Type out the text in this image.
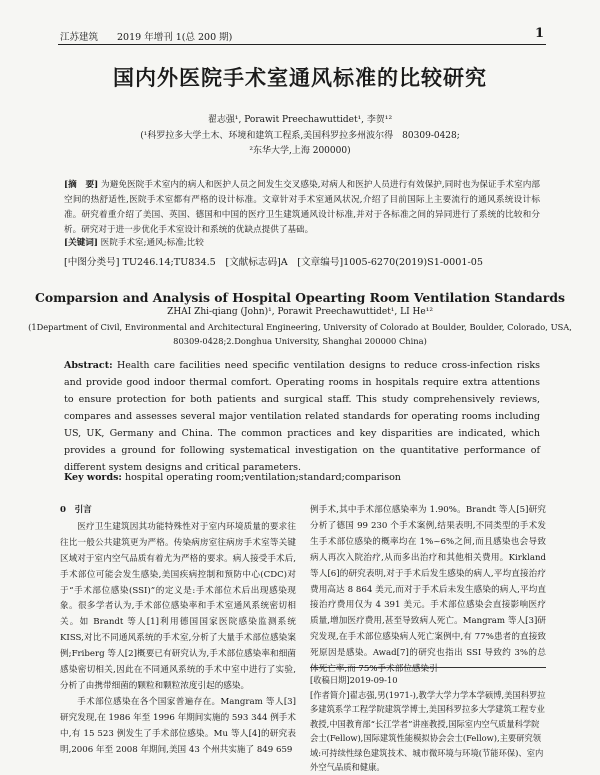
江苏建筑　　2019 年增刊 1(总 200 期)	1
国内外医院手术室通风标准的比较研究
翟志强¹, Porawit Preechawuttidet¹, 李贺¹²
(¹科罗拉多大学土木、环境和建筑工程系,美国科罗拉多州波尔得　80309-0428;
²东华大学,上海 200000)
[摘　要] 为避免医院手术室内的病人和医护人员之间发生交叉感染,对病人和医护人员进行有效保护,同时也为保证手术室内部空间的热舒适性,医院手术室都有严格的设计标准。文章针对手术室通风状况,介绍了目前国际上主要流行的通风系统设计标准。研究着重介绍了美国、英国、德国和中国的医疗卫生建筑通风设计标准,并对于各标准之间的异同进行了系统的比较和分析。研究对于进一步优化手术室设计和系统的优缺点提供了基础。
[关键词] 医院手术室;通风;标准;比较
[中图分类号] TU246.14;TU834.5　[文献标志码]A　[文章编号]1005-6270(2019)S1-0001-05
Comparsion and Analysis of Hospital Opearting Room Ventilation Standards
ZHAI Zhi-qiang (John)¹, Porawit Preechawuttidet¹, LI He¹²
(1Department of Civil, Environmental and Architectural Engineering, University of Colorado at Boulder, Boulder, Colorado, USA,
80309-0428;2.Donghua University, Shanghai 200000 China)
Abstract: Health care facilities need specific ventilation designs to reduce cross-infection risks and provide good indoor thermal comfort. Operating rooms in hospitals require extra attentions to ensure protection for both patients and surgical staff. This study comprehensively reviews, compares and assesses several major ventilation related standards for operating rooms including US, UK, Germany and China. The common practices and key disparities are indicated, which provides a ground for following systematical investigation on the quantitative performance of different system designs and critical parameters.
Key words: hospital operating room;ventilation;standard;comparison

0　引言

医疗卫生建筑因其功能特殊性对于室内环境质量的要求往往比一般公共建筑更为严格。传染病房室往病房手术室等关键区域对于室内空气品质有着尤为严格的要求。病人接受手术后,手术部位可能会发生感染,美国疾病控制和预防中心(CDC)对于“手术部位感染(SSI)”的定义是:手术部位术后出现感染现象。很多学者认为,手术部位感染率和手术室通风系统密切相关。如 Brandt 等人[1]利用德国国家医院感染监测系统 KISS,对比不同通风系统的手术室,分析了大量手术部位感染案例;Friberg 等人[2]概要已有研究认为,手术部位感染率和细菌感染密切相关,因此在不同通风系统的手术中室中进行了实验,分析了由携带细菌的颗粒和颗粒浓度引起的感染。

手术部位感染在各个国家普遍存在。Mangram 等人[3]研究发现,在 1986 年至 1996 年期间实施的 593 344 例手术中,有 15 523 例发生了手术部位感染。Mu 等人[4]的研究表明,2006 年至 2008 年期间,美国 43 个州共实施了 849 659

例手术,其中手术部位感染率为 1.90%。Brandt 等人[5]研究分析了德国 99 230 个手术案例,结果表明,不同类型的手术发生手术部位感染的概率均在 1%~6%之间,而且感染也会导致病人再次入院治疗,从而多出治疗和其他相关费用。Kirkland 等人[6]的研究表明,对于手术后发生感染的病人,平均直接治疗费用高达 8 864 美元,而对于手术后未发生感染的病人,平均直接治疗费用仅为 4 391 美元。手术部位感染会直接影响医疗质量,增加医疗费用,甚至导致病人死亡。Mangram 等人[3]研究发现,在手术部位感染病人死亡案例中,有 77%患者的直接致死原因是感染。Awad[7]的研究也指出 SSI 导致约 3%的总体死亡率,而 75%手术部位感染引

[收稿日期]2019-09-10
[作者简介]翟志强,男(1971-),教学大学力学本学硕博,美国科罗拉多建筑系学工程学院建筑学博士,美国科罗拉多大学建筑工程专业教授,中国教育部“长江学者”讲座教授,国际室内空气质量科学院会士(Fellow),国际建筑性能模拟协会会士(Fellow),主要研究领域:可持续性绿色建筑技术、城市微环境与环境(节能环保)、室内外空气品质和健康。
